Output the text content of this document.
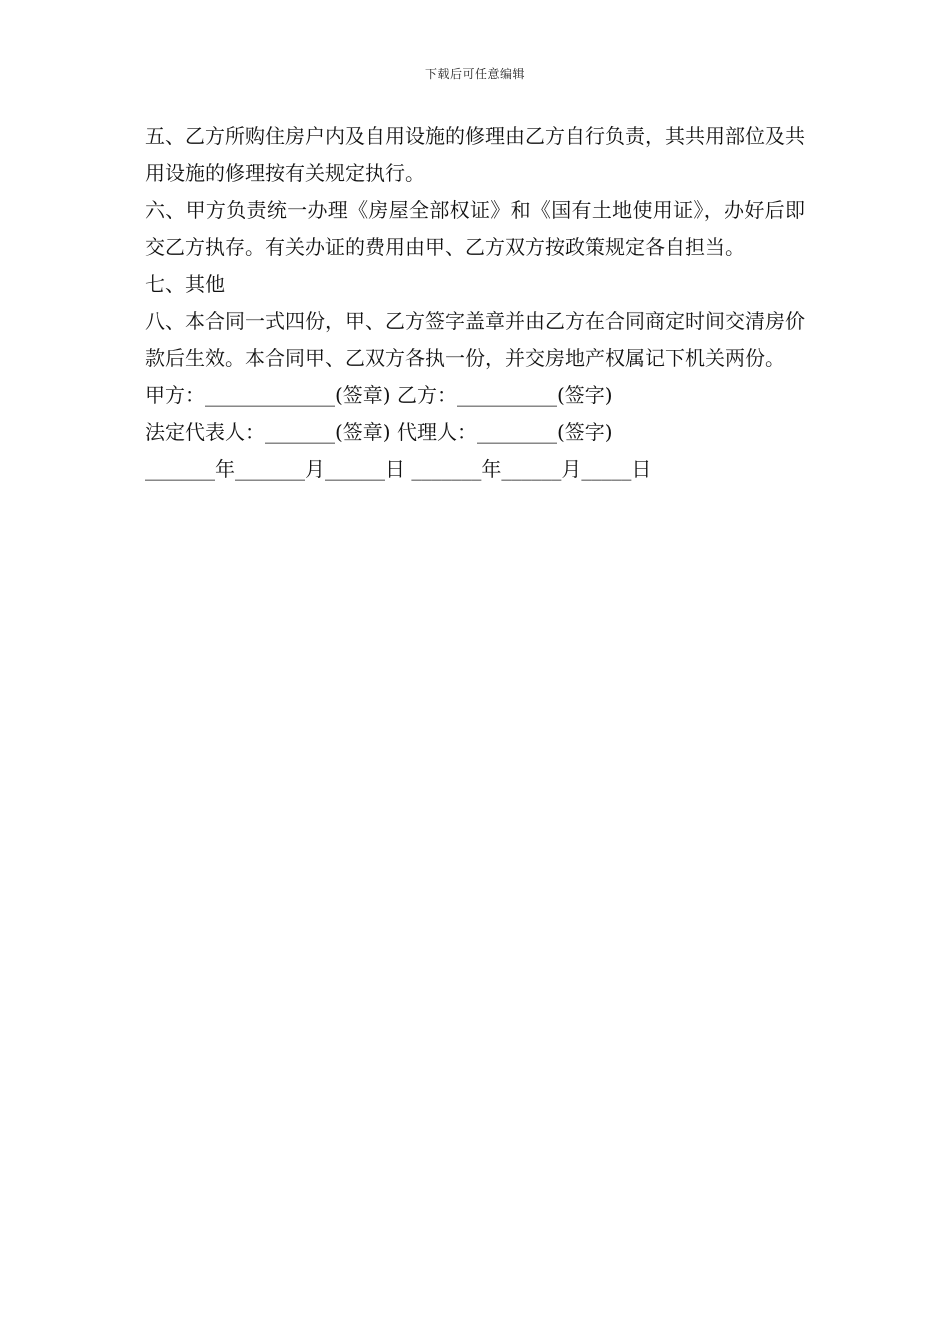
下载后可任意编辑

五、乙方所购住房户内及自用设施的修理由乙方自行负责，其共用部位及共用设施的修理按有关规定执行。

六、甲方负责统一办理《房屋全部权证》和《国有土地使用证》，办好后即交乙方执存。有关办证的费用由甲、乙方双方按政策规定各自担当。

七、其他

八、本合同一式四份，甲、乙方签字盖章并由乙方在合同商定时间交清房价款后生效。本合同甲、乙双方各执一份，并交房地产权属记下机关两份。

甲方：_____________(签章) 乙方：__________(签字)

法定代表人：_______(签章) 代理人：________(签字)

_______年_______月______日 _______年______月_____日
